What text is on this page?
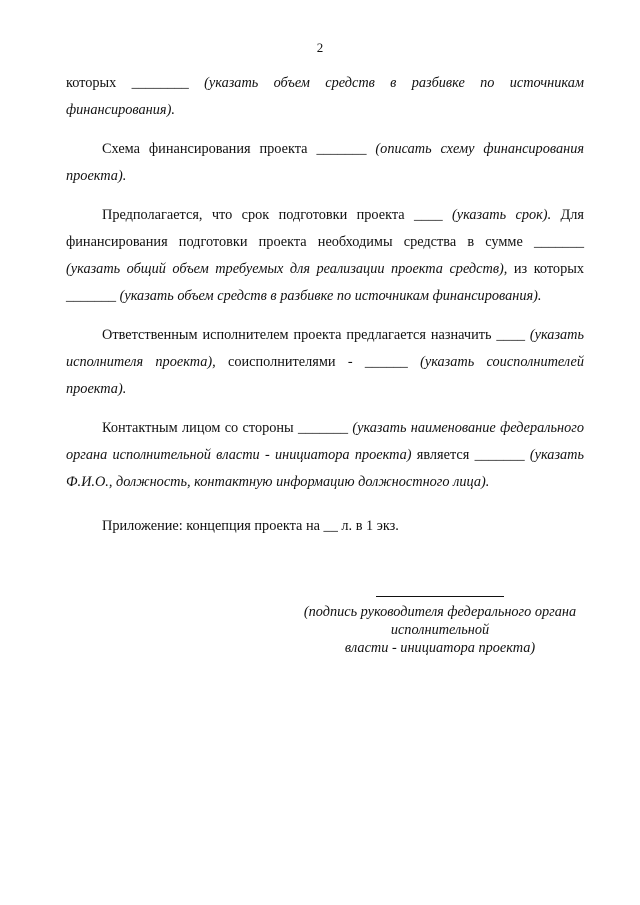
2

которых ________ (указать объем средств в разбивке по источникам финансирования).

Схема финансирования проекта _______ (описать схему финансирования проекта).

Предполагается, что срок подготовки проекта ____ (указать срок). Для финансирования подготовки проекта необходимы средства в сумме _______ (указать общий объем требуемых для реализации проекта средств), из которых _______ (указать объем средств в разбивке по источникам финансирования).

Ответственным исполнителем проекта предлагается назначить ____ (указать исполнителя проекта), соисполнителями - ______ (указать соисполнителей проекта).

Контактным лицом со стороны _______ (указать наименование федерального органа исполнительной власти - инициатора проекта) является _______ (указать Ф.И.О., должность, контактную информацию должностного лица).

Приложение: концепция проекта на __ л. в 1 экз.
(подпись руководителя федерального органа
исполнительной
власти - инициатора проекта)
